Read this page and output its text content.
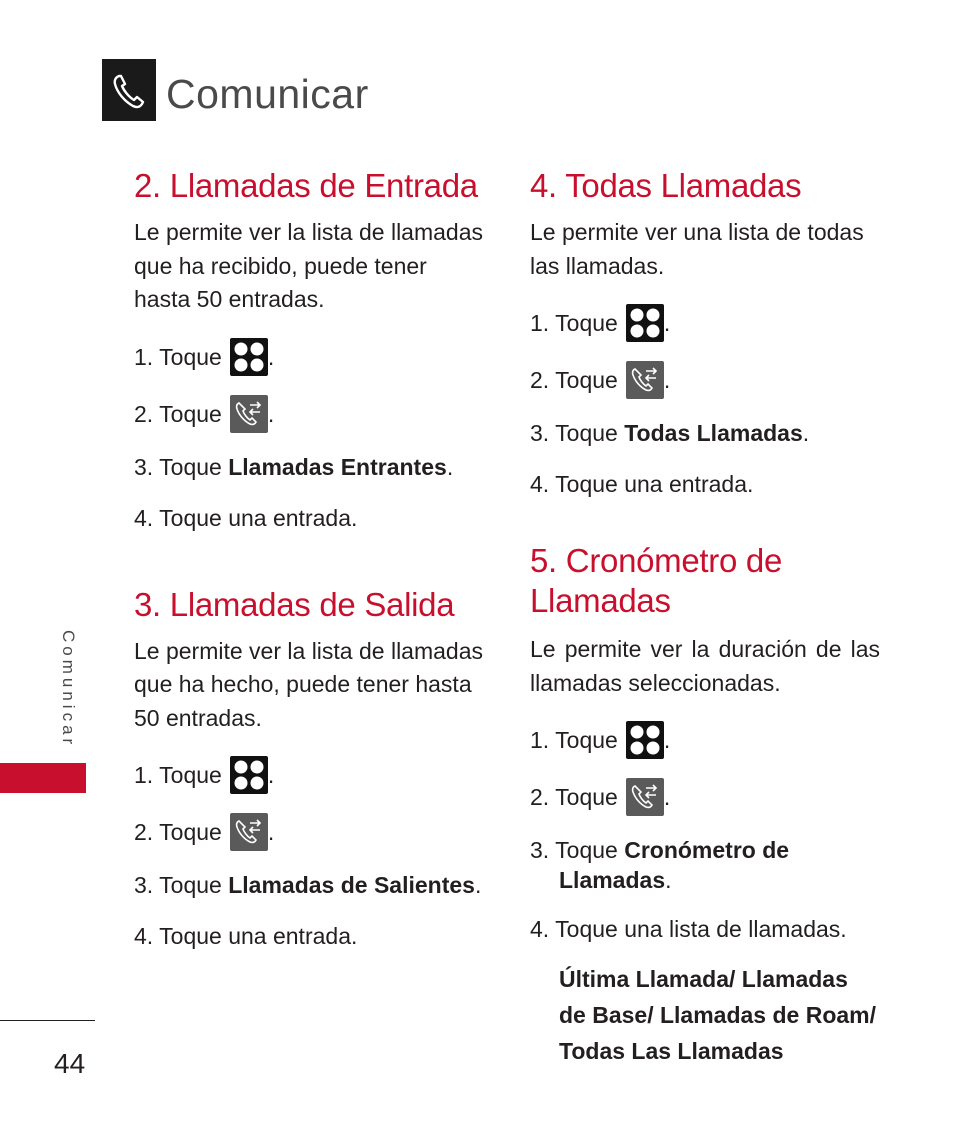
Comunicar
2. Llamadas de Entrada

Le permite ver la lista de llamadas que ha recibido, puede tener hasta 50 entradas.

1. Toque .

2. Toque .

3. Toque
Llamadas Entrantes .

4. Toque una entrada.

3. Llamadas de Salida

Le permite ver la lista de llamadas que ha hecho, puede tener hasta 50 entradas.

1. Toque .

2. Toque .

3. Toque
Llamadas de Salientes .

4. Toque una entrada.

4. Todas Llamadas

Le permite ver una lista de todas las llamadas.

1. Toque .

2. Toque .

3. Toque
Todas Llamadas .

4. Toque una entrada.

5. Cronómetro de Llamadas

Le permite ver la duración de las llamadas seleccionadas.

1. Toque .

2. Toque .

3. Toque Cronómetro de
Llamadas.

4. Toque una lista de llamadas.

Última Llamada/ Llamadas de Base/ Llamadas de Roam/ Todas Las Llamadas

Comunicar
44
